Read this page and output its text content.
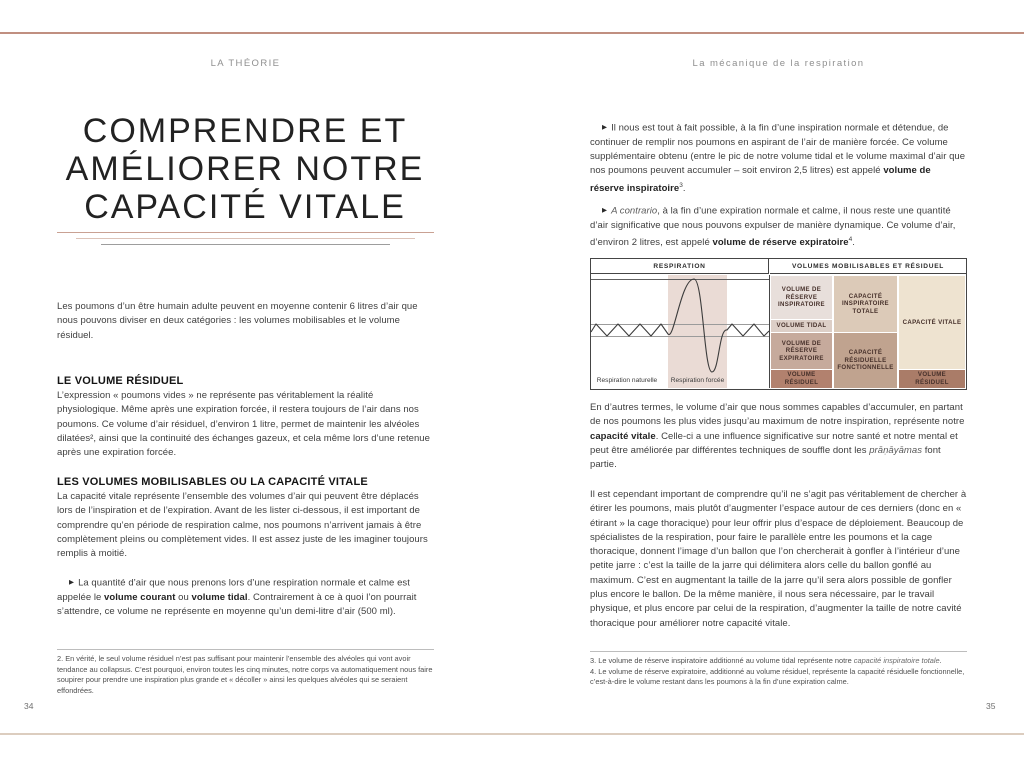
LA THÉORIE
COMPRENDRE ET
AMÉLIORER NOTRE
CAPACITÉ VITALE

Les poumons d’un être humain adulte peuvent en moyenne contenir 6 litres d’air que nous pouvons diviser en deux catégories : les volumes mobilisables et le volume résiduel.

LE VOLUME RÉSIDUEL

L’expression « poumons vides » ne représente pas véritablement la réalité physiologique. Même après une expiration forcée, il restera toujours de l’air dans nos poumons. Ce volume d’air résiduel, d’environ 1 litre, permet de maintenir les alvéoles dilatées², ainsi que la continuité des échanges gazeux, et cela même lors d’une retenue après une expiration forcée.

LES VOLUMES MOBILISABLES OU LA CAPACITÉ VITALE

La capacité vitale représente l’ensemble des volumes d’air qui peuvent être déplacés lors de l’inspiration et de l’expiration. Avant de les lister ci-dessous, il est important de comprendre qu’en période de respiration calme, nos poumons n’arrivent jamais à être complètement pleins ou complètement vides. Il est assez juste de les imaginer toujours remplis à moitié.

▶ La quantité d’air que nous prenons lors d’une respiration normale et calme est appelée le volume courant ou volume tidal. Contrairement à ce à quoi l’on pourrait s’attendre, ce volume ne représente en moyenne qu’un demi-litre d’air (500 ml).

2. En vérité, le seul volume résiduel n’est pas suffisant pour maintenir l’ensemble des alvéoles qui vont avoir tendance au collapsus. C’est pourquoi, environ toutes les cinq minutes, notre corps va automatiquement nous faire soupirer pour prendre une inspiration plus grande et « décoller » ainsi les quelques alvéoles qui se seraient effondrées.

34
La mécanique de la respiration

▶ Il nous est tout à fait possible, à la fin d’une inspiration normale et détendue, de continuer de remplir nos poumons en aspirant de l’air de manière forcée. Ce volume supplémentaire obtenu (entre le pic de notre volume tidal et le volume maximal d’air que nos poumons peuvent accumuler – soit environ 2,5 litres) est appelé volume de réserve inspiratoire$^3$.

▶ A contrario, à la fin d’une expiration normale et calme, il nous reste une quantité d’air significative que nous pouvons expulser de manière dynamique. Ce volume d’air, d’environ 2 litres, est appelé volume de réserve expiratoire$^4$.

RESPIRATION	VOLUMES MOBILISABLES ET RÉSIDUEL
Respiration naturelle	Respiration forcée
VOLUME DE RÉSERVE INSPIRATOIRE
VOLUME TIDAL
VOLUME DE RÉSERVE EXPIRATOIRE
VOLUME RÉSIDUEL
CAPACITÉ INSPIRATOIRE TOTALE
CAPACITÉ RÉSIDUELLE FONCTIONNELLE
CAPACITÉ VITALE
VOLUME RÉSIDUEL

En d’autres termes, le volume d’air que nous sommes capables d’accumuler, en partant de nos poumons les plus vides jusqu’au maximum de notre inspiration, représente notre capacité vitale. Celle-ci a une influence significative sur notre santé et notre mental et peut être améliorée par différentes techniques de souffle dont les prāṇāyāmas font partie.

Il est cependant important de comprendre qu’il ne s’agit pas véritablement de chercher à étirer les poumons, mais plutôt d’augmenter l’espace autour de ces derniers (donc en « étirant » la cage thoracique) pour leur offrir plus d’espace de déploiement. Beaucoup de spécialistes de la respiration, pour faire le parallèle entre les poumons et la cage thoracique, donnent l’image d’un ballon que l’on chercherait à gonfler à l’intérieur d’une petite jarre : c’est la taille de la jarre qui délimitera alors celle du ballon gonflé au maximum. C’est en augmentant la taille de la jarre qu’il sera alors possible de gonfler plus encore le ballon. De la même manière, il nous sera nécessaire, par le travail physique, et plus encore par celui de la respiration, d’augmenter la taille de notre cavité thoracique pour améliorer notre capacité vitale.

3. Le volume de réserve inspiratoire additionné au volume tidal représente notre capacité inspiratoire totale.
4. Le volume de réserve expiratoire, additionné au volume résiduel, représente la capacité résiduelle fonctionnelle, c’est-à-dire le volume restant dans les poumons à la fin d’une expiration calme.

35
